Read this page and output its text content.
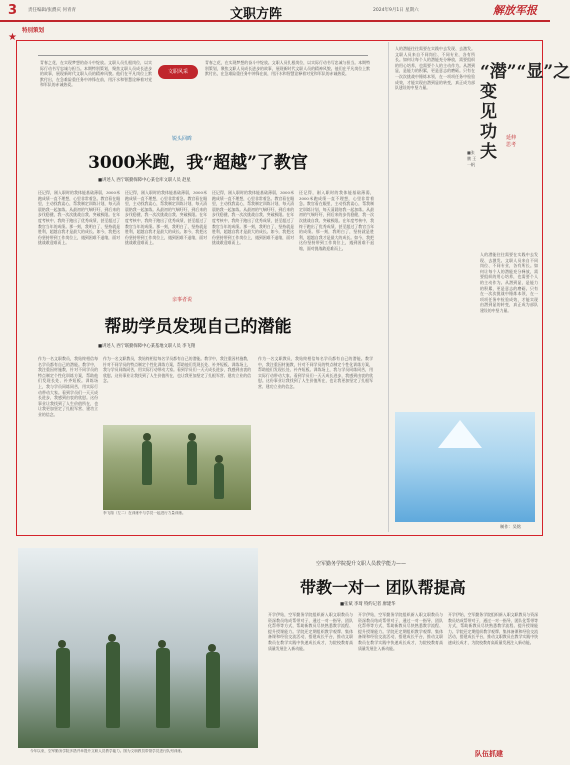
3 责任编辑/张爵庆 何青青	文职方阵	2024年9月1日 星期六	解放军报
★
特别策划
青春之花，在实现梦想的奋斗中绽放。文职人员扎根岗位，以实际行动书写忠诚与担当。本期特别策划，聚焦文职人员成长进步的故事，展现新时代文职人员的精神风貌。他们在平凡岗位上默默付出，在急难险重任务中冲锋在前，用汗水和智慧诠释着对党和军队的赤诚热爱。
文职风采
青春之花，在实现梦想的奋斗中绽放。文职人员扎根岗位，以实际行动书写忠诚与担当。本期特别策划，聚焦文职人员成长进步的故事，展现新时代文职人员的精神风貌。他们在平凡岗位上默默付出，在急难险重任务中冲锋在前，用汗水和智慧诠释着对党和军队的赤诚热爱。
锐头回眸
3000米跑，我“超越”了教官
■讲述人 西宁联勤保障中心某仓库文职人员 赵星
还记得，刚入职时的我体能基础薄弱，3000米跑成绩一直不理想，心里非常着急。教官看在眼里，主动找我谈心，帮我制定训练计划，每天清晨陪我一起加练。从最初的气喘吁吁，到后来的步伐稳健，我一次次挑战自我、突破极限。在年度考核中，我终于跑出了优秀成绩，甚至超过了教官当年的成绩。那一刻，我明白了，坚持就是胜利，超越自我才是最大的成长。如今，我把这份坚持带到工作岗位上，遇到困难不退缩，面对挑战敢迎难而上。
还记得，刚入职时的我体能基础薄弱，3000米跑成绩一直不理想，心里非常着急。教官看在眼里，主动找我谈心，帮我制定训练计划，每天清晨陪我一起加练。从最初的气喘吁吁，到后来的步伐稳健，我一次次挑战自我、突破极限。在年度考核中，我终于跑出了优秀成绩，甚至超过了教官当年的成绩。那一刻，我明白了，坚持就是胜利，超越自我才是最大的成长。如今，我把这份坚持带到工作岗位上，遇到困难不退缩，面对挑战敢迎难而上。
还记得，刚入职时的我体能基础薄弱，3000米跑成绩一直不理想，心里非常着急。教官看在眼里，主动找我谈心，帮我制定训练计划，每天清晨陪我一起加练。从最初的气喘吁吁，到后来的步伐稳健，我一次次挑战自我、突破极限。在年度考核中，我终于跑出了优秀成绩，甚至超过了教官当年的成绩。那一刻，我明白了，坚持就是胜利，超越自我才是最大的成长。如今，我把这份坚持带到工作岗位上，遇到困难不退缩，面对挑战敢迎难而上。
还记得，刚入职时的我体能基础薄弱，3000米跑成绩一直不理想，心里非常着急。教官看在眼里，主动找我谈心，帮我制定训练计划，每天清晨陪我一起加练。从最初的气喘吁吁，到后来的步伐稳健，我一次次挑战自我、突破极限。在年度考核中，我终于跑出了优秀成绩，甚至超过了教官当年的成绩。那一刻，我明白了，坚持就是胜利，超越自我才是最大的成长。如今，我把这份坚持带到工作岗位上，遇到困难不退缩，面对挑战敢迎难而上。
亲事者说
帮助学员发现自己的潜能
■讲述人 西宁联勤保障中心某基地文职人员 李飞翔
作为一名文职教员，我始终相信每名学员都有自己的潜能。教学中，我注重因材施教，针对不同学员的特点制定个性化训练方案，帮助他们发现长处、补齐短板。训练场上，我与学员同练同苦，用实际行动带动大家。看到学员们一天天成长进步，我感到由衷的欣慰。这份事业让我找到了人生价值所在，也让我更加坚定了扎根军营、建功立业的信念。
作为一名文职教员，我始终相信每名学员都有自己的潜能。教学中，我注重因材施教，针对不同学员的特点制定个性化训练方案，帮助他们发现长处、补齐短板。训练场上，我与学员同练同苦，用实际行动带动大家。看到学员们一天天成长进步，我感到由衷的欣慰。这份事业让我找到了人生价值所在，也让我更加坚定了扎根军营、建功立业的信念。
作为一名文职教员，我始终相信每名学员都有自己的潜能。教学中，我注重因材施教，针对不同学员的特点制定个性化训练方案，帮助他们发现长处、补齐短板。训练场上，我与学员同练同苦，用实际行动带动大家。看到学员们一天天成长进步，我感到由衷的欣慰。这份事业让我找到了人生价值所在，也让我更加坚定了扎根军营、建功立业的信念。
李飞翔（左二）在训练中与学员一起进行力量训练。
人的潜能往往需要在实践中去发现、去激发。文职人员来自不同岗位、不同专业，各有所长。如何让每个人的潜能充分释放，需要组织的用心培养，也需要个人的主动作为。从潜到显，是能力的积累，更是意志的磨砺。只有在一次次挑战中锤炼本领，在一项项任务中检验成效，才能实现由潜到显的转变，真正成为部队建设的中坚力量。
“潜”“显”之变见功夫
延伸思考
■张鹏 王一帆
人的潜能往往需要在实践中去发现、去激发。文职人员来自不同岗位、不同专业，各有所长。如何让每个人的潜能充分释放，需要组织的用心培养，也需要个人的主动作为。从潜到显，是能力的积累，更是意志的磨砺。只有在一次次挑战中锤炼本领，在一项项任务中检验成效，才能实现由潜到显的转变，真正成为部队建设的中坚力量。
制作：吴铭
今年以来，空军勤务学院多措并举提升文职人员教学能力。图为文职教员带领学员进行队列训练。
空军勤务学院提升文职人员教学能力——
带教一对一 团队帮提高
■张斌 李琦 特约记者 廖建华
开学伊始，空军勤务学院组织新入职文职教员与资深教员结成帮带对子，通过一对一指导、团队化帮带等方式，帮助新教员尽快熟悉教学流程、提升授课能力。学院还定期组织教学观摩、集体备课和经验交流活动，搭建成长平台，推动文职教员在教学实践中快速成长成才，为院校教育高质量发展注入新动能。
开学伊始，空军勤务学院组织新入职文职教员与资深教员结成帮带对子，通过一对一指导、团队化帮带等方式，帮助新教员尽快熟悉教学流程、提升授课能力。学院还定期组织教学观摩、集体备课和经验交流活动，搭建成长平台，推动文职教员在教学实践中快速成长成才，为院校教育高质量发展注入新动能。
开学伊始，空军勤务学院组织新入职文职教员与资深教员结成帮带对子，通过一对一指导、团队化帮带等方式，帮助新教员尽快熟悉教学流程、提升授课能力。学院还定期组织教学观摩、集体备课和经验交流活动，搭建成长平台，推动文职教员在教学实践中快速成长成才，为院校教育高质量发展注入新动能。
队伍抓建
